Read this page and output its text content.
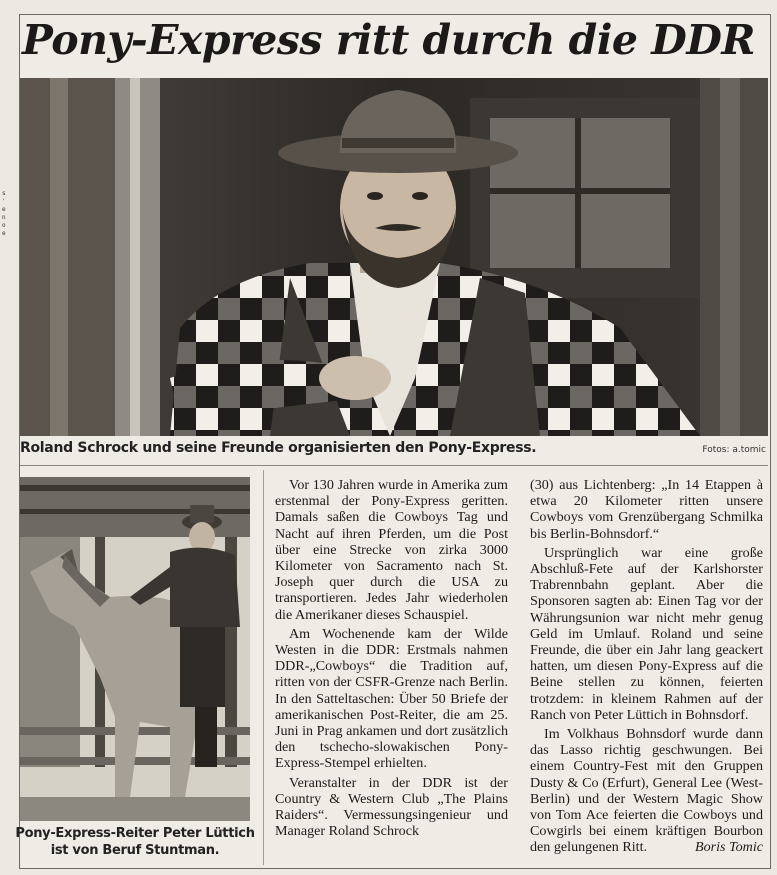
s
'
e
n
o
e
Pony-Express ritt durch die DDR
Roland Schrock und seine Freunde organisierten den Pony-Express.	Fotos: a.tomic
Pony-Express-Reiter Peter Lüttich
ist von Beruf Stuntman.

Vor 130 Jahren wurde in Amerika zum erstenmal der Pony-Express geritten. Damals saßen die Cowboys Tag und Nacht auf ihren Pferden, um die Post über eine Strecke von zirka 3000 Kilometer von Sacramento nach St. Joseph quer durch die USA zu transportieren. Jedes Jahr wiederholen die Amerikaner dieses Schauspiel.

Am Wochenende kam der Wilde Westen in die DDR: Erstmals nahmen DDR-„Cowboys“ die Tradition auf, ritten von der CSFR-Grenze nach Berlin. In den Satteltaschen: Über 50 Briefe der amerikanischen Post-Reiter, die am 25. Juni in Prag ankamen und dort zusätzlich den tschecho-slowakischen Pony-Express-Stempel erhielten.

Veranstalter in der DDR ist der Country & Western Club „The Plains Raiders“. Vermessungsingenieur und Manager Roland Schrock

(30) aus Lichtenberg: „In 14 Etappen à etwa 20 Kilometer ritten unsere Cowboys vom Grenzübergang Schmilka bis Berlin-Bohnsdorf.“

Ursprünglich war eine große Abschluß-Fete auf der Karlshorster Trabrennbahn geplant. Aber die Sponsoren sagten ab: Einen Tag vor der Währungsunion war nicht mehr genug Geld im Umlauf. Roland und seine Freunde, die über ein Jahr lang geackert hatten, um diesen Pony-Express auf die Beine stellen zu können, feierten trotzdem: in kleinem Rahmen auf der Ranch von Peter Lüttich in Bohnsdorf.

Im Volkhaus Bohnsdorf wurde dann das Lasso richtig geschwungen. Bei einem Country-Fest mit den Gruppen Dusty & Co (Erfurt), General Lee (West-Berlin) und der Western Magic Show von Tom Ace feierten die Cowboys und Cowgirls bei einem kräftigen Bourbon den gelungenen Ritt.	Boris Tomic
